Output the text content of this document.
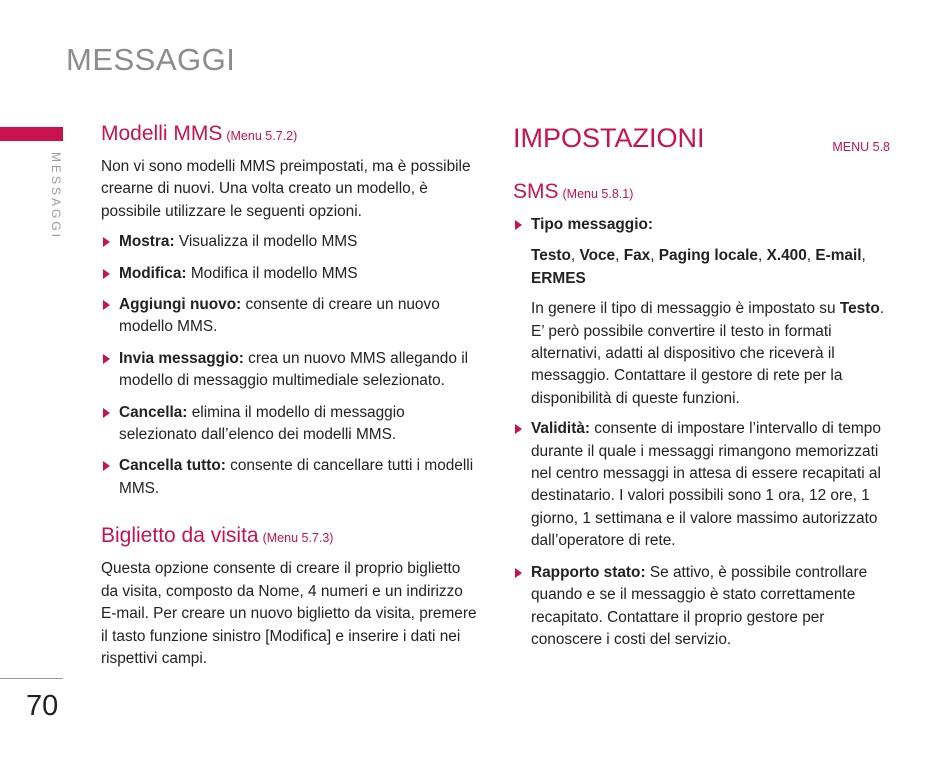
MESSAGGI
MESSAGGI
70
Modelli MMS (Menu 5.7.2)

Non vi sono modelli MMS preimpostati, ma è possibile crearne di nuovi. Una volta creato un modello, è possibile utilizzare le seguenti opzioni.

Mostra: Visualizza il modello MMS
Modifica: Modifica il modello MMS
Aggiungi nuovo: consente di creare un nuovo modello MMS.
Invia messaggio: crea un nuovo MMS allegando il modello di messaggio multimediale selezionato.
Cancella: elimina il modello di messaggio selezionato dall’elenco dei modelli MMS.
Cancella tutto: consente di cancellare tutti i modelli MMS.
Biglietto da visita (Menu 5.7.3)

Questa opzione consente di creare il proprio biglietto da visita, composto da Nome, 4 numeri e un indirizzo E-mail. Per creare un nuovo biglietto da visita, premere il tasto funzione sinistro [Modifica] e inserire i dati nei rispettivi campi.

IMPOSTAZIONI	MENU 5.8
SMS (Menu 5.8.1)
Tipo messaggio:

Testo, Voce, Fax, Paging locale, X.400, E-mail, ERMES

In genere il tipo di messaggio è impostato su Testo. E’ però possibile convertire il testo in formati alternativi, adatti al dispositivo che riceverà il messaggio. Contattare il gestore di rete per la disponibilità di queste funzioni.

Validità: consente di impostare l’intervallo di tempo durante il quale i messaggi rimangono memorizzati nel centro messaggi in attesa di essere recapitati al destinatario. I valori possibili sono 1 ora, 12 ore, 1 giorno, 1 settimana e il valore massimo autorizzato dall’operatore di rete.
Rapporto stato: Se attivo, è possibile controllare quando e se il messaggio è stato correttamente recapitato. Contattare il proprio gestore per conoscere i costi del servizio.
